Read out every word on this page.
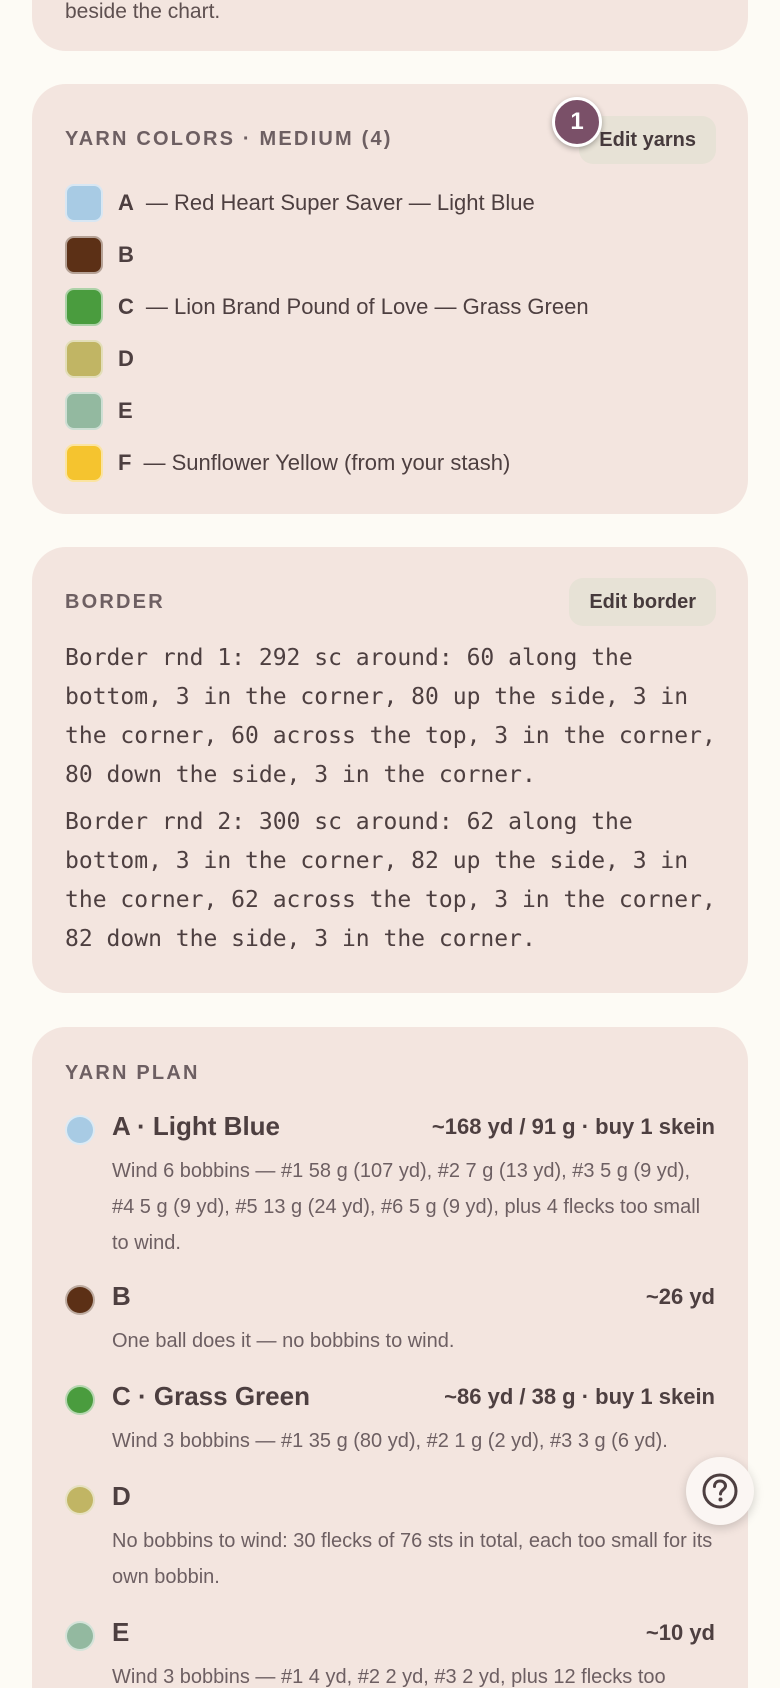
beside the chart.
YARN COLORS · MEDIUM (4)	Edit yarns
A — Red Heart Super Saver — Light Blue
B
C — Lion Brand Pound of Love — Grass Green
D
E
F — Sunflower Yellow (from your stash)
1
BORDER	Edit border
Border rnd 1: 292 sc around: 60 along the bottom, 3 in the corner, 80 up the side, 3 in the corner, 60 across the top, 3 in the corner, 80 down the side, 3 in the corner.
Border rnd 2: 300 sc around: 62 along the bottom, 3 in the corner, 82 up the side, 3 in the corner, 62 across the top, 3 in the corner, 82 down the side, 3 in the corner.
YARN PLAN
A · Light Blue	~168 yd / 91 g · buy 1 skein
Wind 6 bobbins — #1 58 g (107 yd), #2 7 g (13 yd), #3 5 g (9 yd), #4 5 g (9 yd), #5 13 g (24 yd), #6 5 g (9 yd), plus 4 flecks too small to wind.
B	~26 yd
One ball does it — no bobbins to wind.
C · Grass Green	~86 yd / 38 g · buy 1 skein
Wind 3 bobbins — #1 35 g (80 yd), #2 1 g (2 yd), #3 3 g (6 yd).
D
No bobbins to wind: 30 flecks of 76 sts in total, each too small for its own bobbin.
E	~10 yd
Wind 3 bobbins — #1 4 yd, #2 2 yd, #3 2 yd, plus 12 flecks too
